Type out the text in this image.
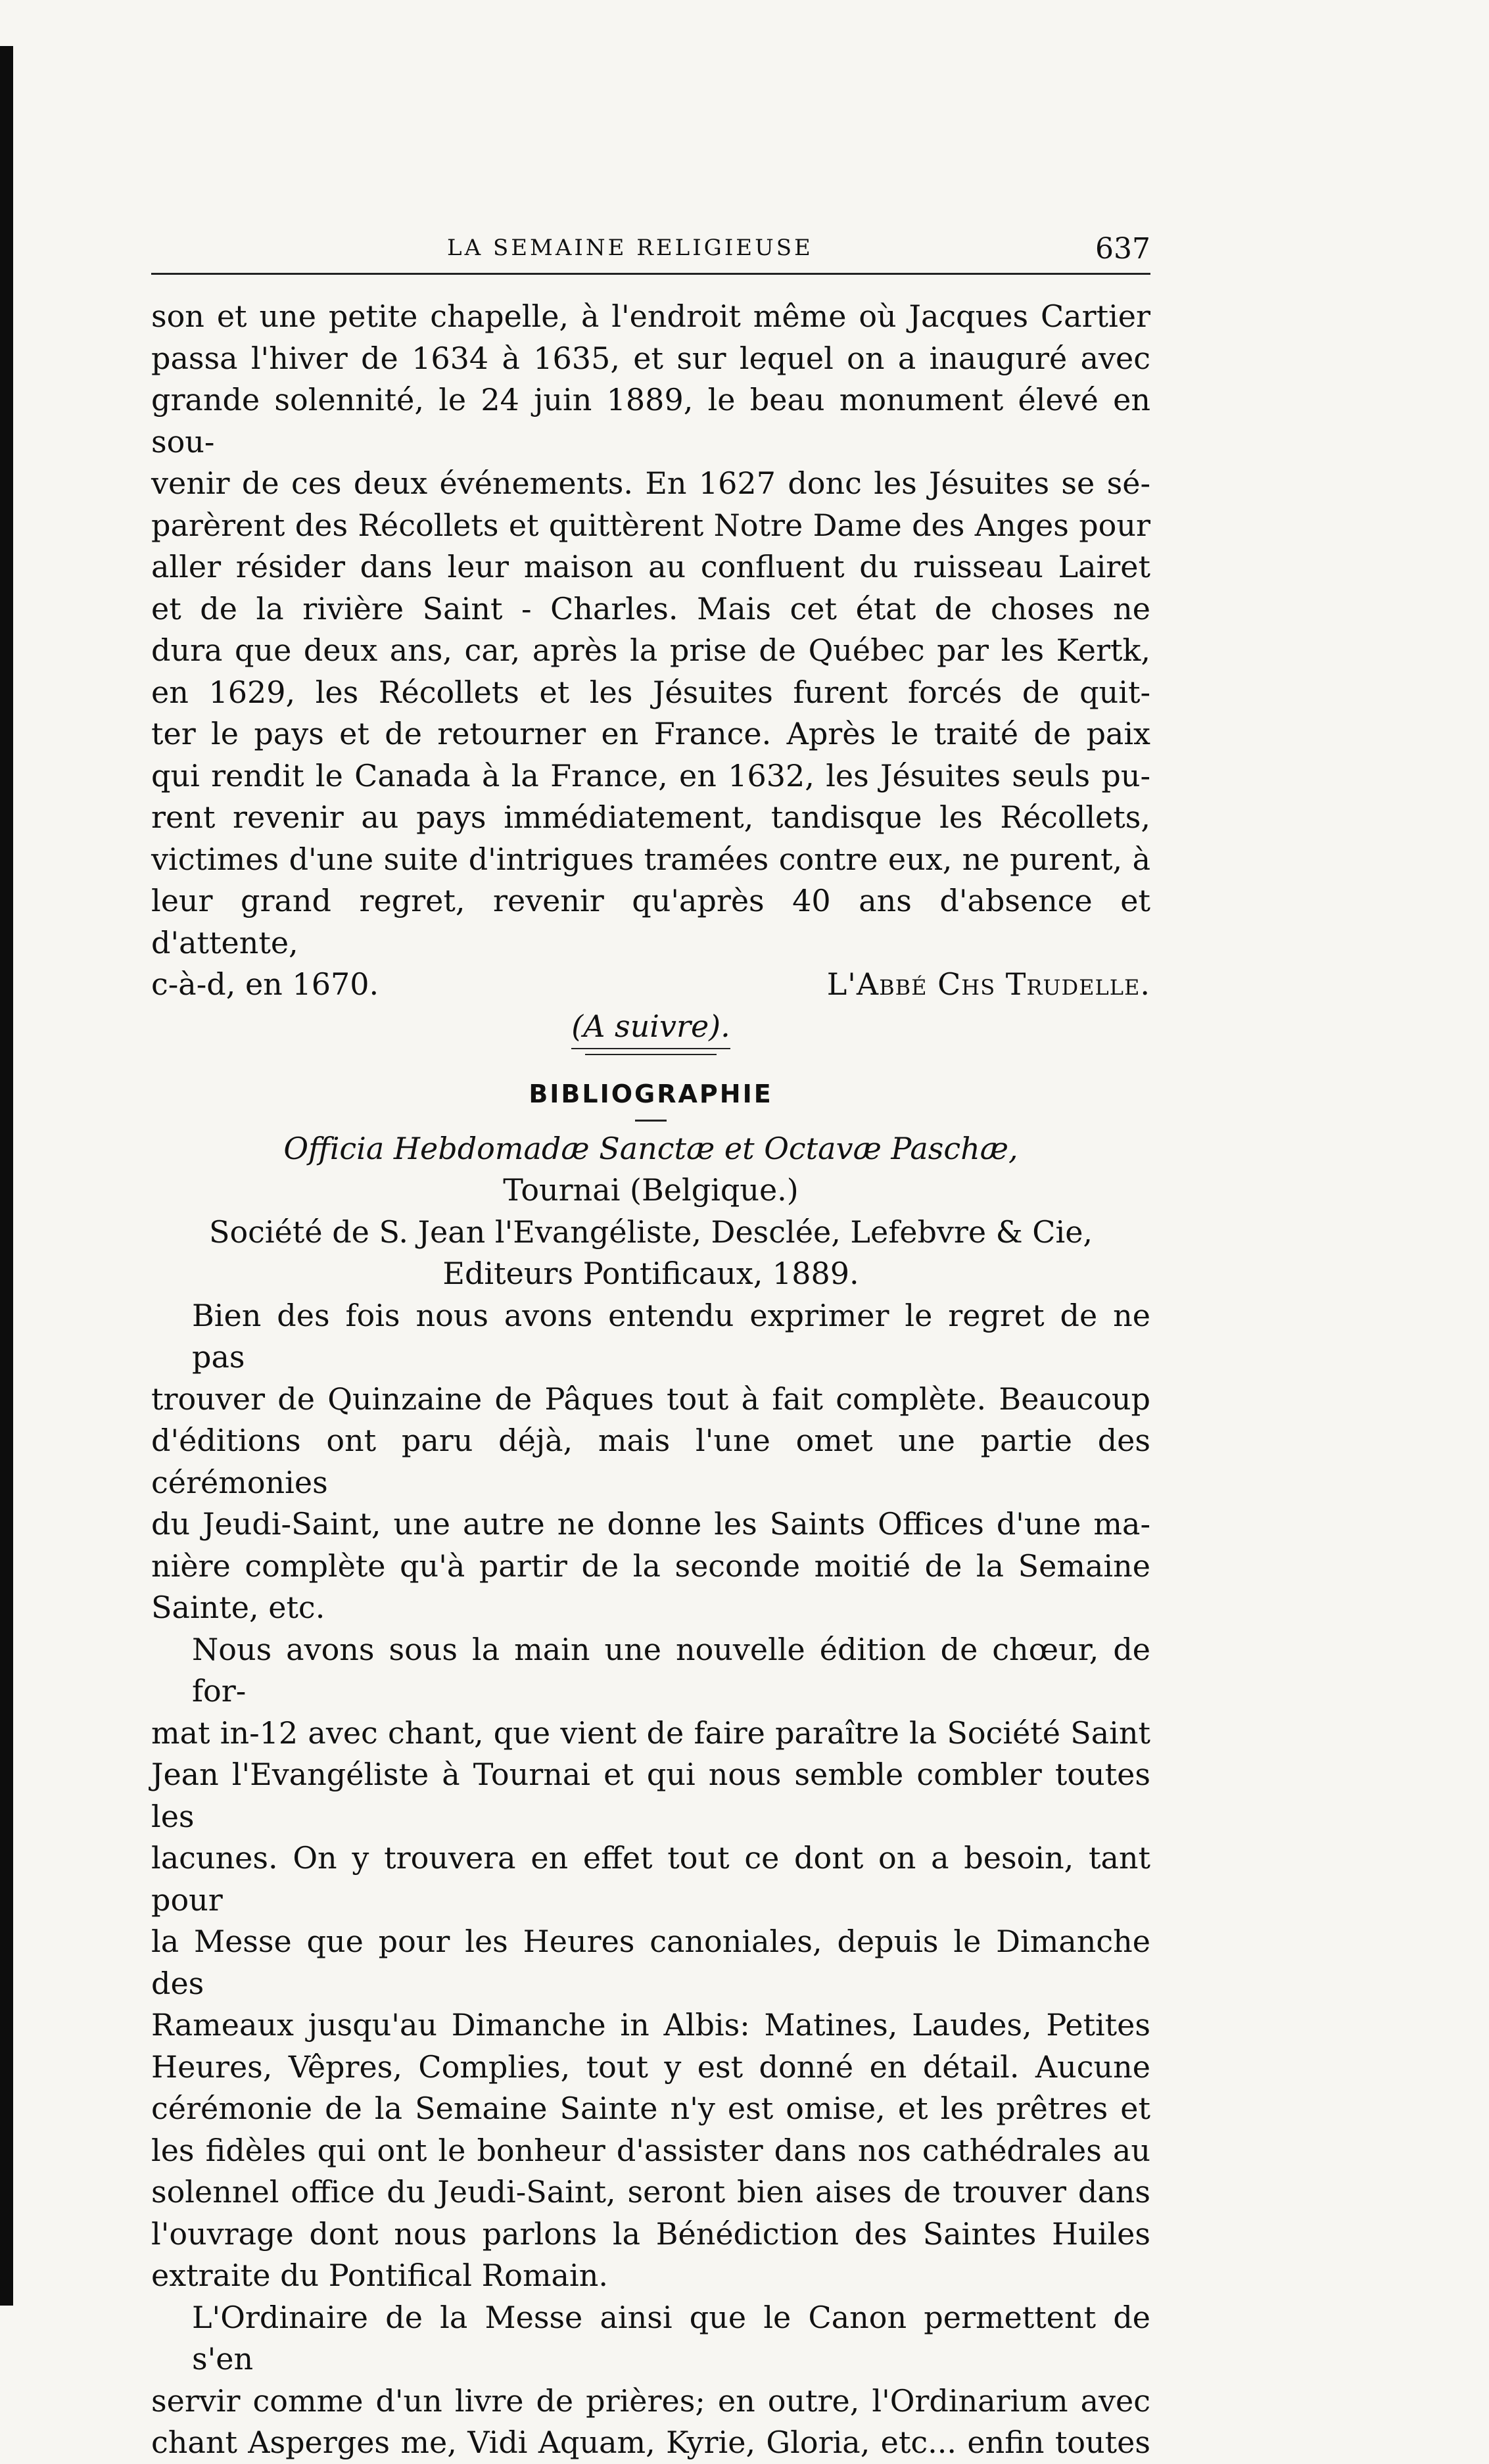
LA SEMAINE RELIGIEUSE	637

son et une petite chapelle, à l'endroit même où Jacques Cartier
passa l'hiver de 1634 à 1635, et sur lequel on a inauguré avec
grande solennité, le 24 juin 1889, le beau monument élevé en sou-
venir de ces deux événements. En 1627 donc les Jésuites se sé-
parèrent des Récollets et quittèrent Notre Dame des Anges pour
aller résider dans leur maison au confluent du ruisseau Lairet
et de la rivière Saint - Charles. Mais cet état de choses ne
dura que deux ans, car, après la prise de Québec par les Kertk,
en 1629, les Récollets et les Jésuites furent forcés de quit-
ter le pays et de retourner en France. Après le traité de paix
qui rendit le Canada à la France, en 1632, les Jésuites seuls pu-
rent revenir au pays immédiatement, tandisque les Récollets,
victimes d'une suite d'intrigues tramées contre eux, ne purent, à
leur grand regret, revenir qu'après 40 ans d'absence et d'attente,
c-à-d, en 1670.	L'Abbé Chs Trudelle.

(A suivre).
BIBLIOGRAPHIE
Officia Hebdomadæ Sanctæ et Octavæ Paschæ,
Tournai (Belgique.)
Société de S. Jean l'Evangéliste, Desclée, Lefebvre & Cie,
Editeurs Pontificaux, 1889.

Bien des fois nous avons entendu exprimer le regret de ne pas
trouver de Quinzaine de Pâques tout à fait complète. Beaucoup
d'éditions ont paru déjà, mais l'une omet une partie des cérémonies
du Jeudi-Saint, une autre ne donne les Saints Offices d'une ma-
nière complète qu'à partir de la seconde moitié de la Semaine
Sainte, etc.

Nous avons sous la main une nouvelle édition de chœur, de for-
mat in-12 avec chant, que vient de faire paraître la Société Saint
Jean l'Evangéliste à Tournai et qui nous semble combler toutes les
lacunes. On y trouvera en effet tout ce dont on a besoin, tant pour
la Messe que pour les Heures canoniales, depuis le Dimanche des
Rameaux jusqu'au Dimanche in Albis: Matines, Laudes, Petites
Heures, Vêpres, Complies, tout y est donné en détail. Aucune
cérémonie de la Semaine Sainte n'y est omise, et les prêtres et
les fidèles qui ont le bonheur d'assister dans nos cathédrales au
solennel office du Jeudi-Saint, seront bien aises de trouver dans
l'ouvrage dont nous parlons la Bénédiction des Saintes Huiles
extraite du Pontifical Romain.

L'Ordinaire de la Messe ainsi que le Canon permettent de s'en
servir comme d'un livre de prières; en outre, l'Ordinarium avec
chant Asperges me, Vidi Aquam, Kyrie, Gloria, etc... enfin toutes
